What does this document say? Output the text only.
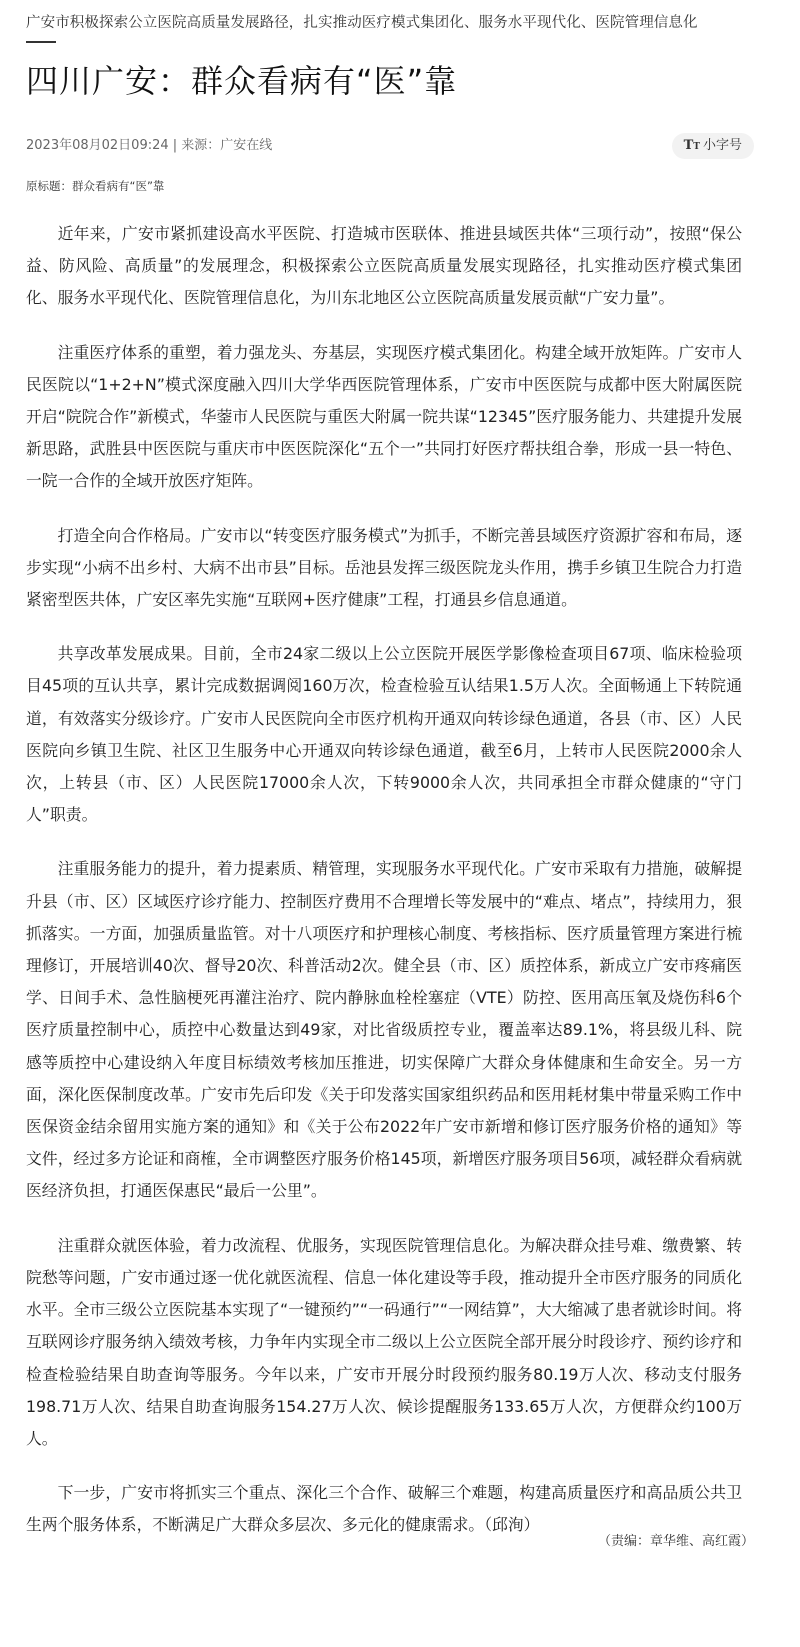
广安市积极探索公立医院高质量发展路径，扎实推动医疗模式集团化、服务水平现代化、医院管理信息化
四川广安：群众看病有“医”靠
2023年08月02日09:24 | 来源：广安在线	TT 小字号
原标题：群众看病有“医”靠

近年来，广安市紧抓建设高水平医院、打造城市医联体、推进县域医共体“三项行动”，按照“保公益、防风险、高质量”的发展理念，积极探索公立医院高质量发展实现路径，扎实推动医疗模式集团化、服务水平现代化、医院管理信息化，为川东北地区公立医院高质量发展贡献“广安力量”。

注重医疗体系的重塑，着力强龙头、夯基层，实现医疗模式集团化。构建全域开放矩阵。广安市人民医院以“1+2+N”模式深度融入四川大学华西医院管理体系，广安市中医医院与成都中医大附属医院开启“院院合作”新模式，华蓥市人民医院与重医大附属一院共谋“12345”医疗服务能力、共建提升发展新思路，武胜县中医医院与重庆市中医医院深化“五个一”共同打好医疗帮扶组合拳，形成一县一特色、一院一合作的全域开放医疗矩阵。

打造全向合作格局。广安市以“转变医疗服务模式”为抓手，不断完善县域医疗资源扩容和布局，逐步实现“小病不出乡村、大病不出市县”目标。岳池县发挥三级医院龙头作用，携手乡镇卫生院合力打造紧密型医共体，广安区率先实施“互联网+医疗健康”工程，打通县乡信息通道。

共享改革发展成果。目前，全市24家二级以上公立医院开展医学影像检查项目67项、临床检验项目45项的互认共享，累计完成数据调阅160万次，检查检验互认结果1.5万人次。全面畅通上下转院通道，有效落实分级诊疗。广安市人民医院向全市医疗机构开通双向转诊绿色通道，各县（市、区）人民医院向乡镇卫生院、社区卫生服务中心开通双向转诊绿色通道，截至6月，上转市人民医院2000余人次，上转县（市、区）人民医院17000余人次，下转9000余人次，共同承担全市群众健康的“守门人”职责。

注重服务能力的提升，着力提素质、精管理，实现服务水平现代化。广安市采取有力措施，破解提升县（市、区）区域医疗诊疗能力、控制医疗费用不合理增长等发展中的“难点、堵点”，持续用力，狠抓落实。一方面，加强质量监管。对十八项医疗和护理核心制度、考核指标、医疗质量管理方案进行梳理修订，开展培训40次、督导20次、科普活动2次。健全县（市、区）质控体系，新成立广安市疼痛医学、日间手术、急性脑梗死再灌注治疗、院内静脉血栓栓塞症（VTE）防控、医用高压氧及烧伤科6个医疗质量控制中心，质控中心数量达到49家，对比省级质控专业，覆盖率达89.1%，将县级儿科、院感等质控中心建设纳入年度目标绩效考核加压推进，切实保障广大群众身体健康和生命安全。另一方面，深化医保制度改革。广安市先后印发《关于印发落实国家组织药品和医用耗材集中带量采购工作中医保资金结余留用实施方案的通知》和《关于公布2022年广安市新增和修订医疗服务价格的通知》等文件，经过多方论证和商榷，全市调整医疗服务价格145项，新增医疗服务项目56项，减轻群众看病就医经济负担，打通医保惠民“最后一公里”。

注重群众就医体验，着力改流程、优服务，实现医院管理信息化。为解决群众挂号难、缴费繁、转院愁等问题，广安市通过逐一优化就医流程、信息一体化建设等手段，推动提升全市医疗服务的同质化水平。全市三级公立医院基本实现了“一键预约”“一码通行”“一网结算”，大大缩减了患者就诊时间。将互联网诊疗服务纳入绩效考核，力争年内实现全市二级以上公立医院全部开展分时段诊疗、预约诊疗和检查检验结果自助查询等服务。今年以来，广安市开展分时段预约服务80.19万人次、移动支付服务198.71万人次、结果自助查询服务154.27万人次、候诊提醒服务133.65万人次，方便群众约100万人。

下一步，广安市将抓实三个重点、深化三个合作、破解三个难题，构建高质量医疗和高品质公共卫生两个服务体系，不断满足广大群众多层次、多元化的健康需求。（邱洵）

（责编：章华维、高红霞）
